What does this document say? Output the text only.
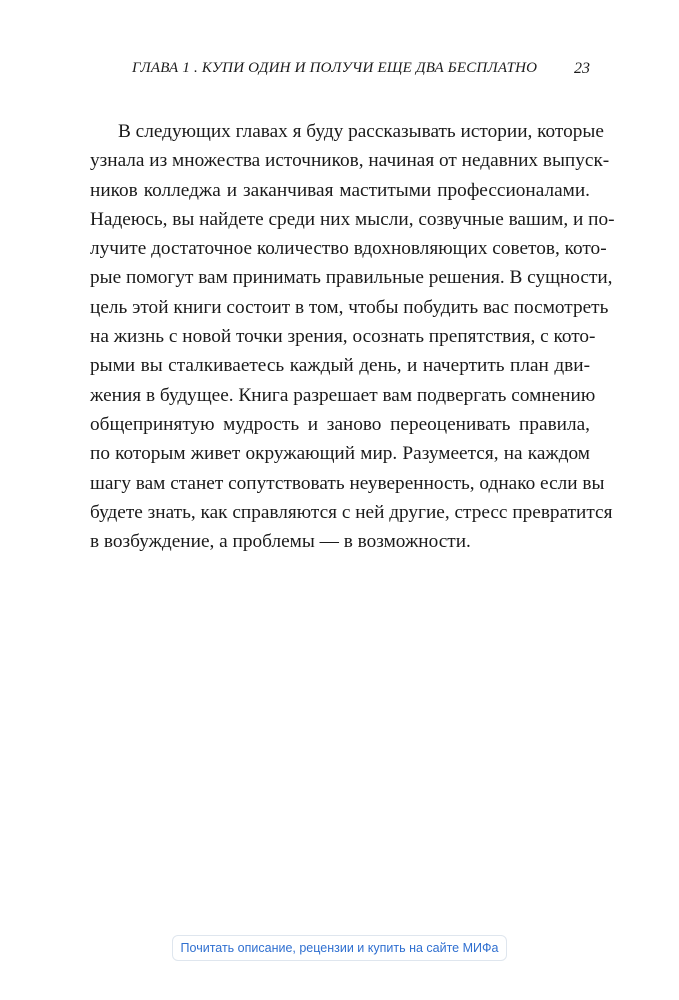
ГЛАВА 1 . КУПИ ОДИН И ПОЛУЧИ ЕЩЕ ДВА БЕСПЛАТНО 23
В следующих главах я буду рассказывать истории, которые
узнала из множества источников, начиная от недавних выпуск-
ников колледжа и заканчивая маститыми профессионалами.
Надеюсь, вы найдете среди них мысли, созвучные вашим, и по-
лучите достаточное количество вдохновляющих советов, кото-
рые помогут вам принимать правильные решения. В сущности,
цель этой книги состоит в том, чтобы побудить вас посмотреть
на жизнь с новой точки зрения, осознать препятствия, с кото-
рыми вы сталкиваетесь каждый день, и начертить план дви-
жения в будущее. Книга разрешает вам подвергать сомнению
общепринятую мудрость и заново переоценивать правила,
по которым живет окружающий мир. Разумеется, на каждом
шагу вам станет сопутствовать неуверенность, однако если вы
будете знать, как справляются с ней другие, стресс превратится
в возбуждение, а проблемы — в возможности.
Почитать описание, рецензии и купить на сайте МИФа
